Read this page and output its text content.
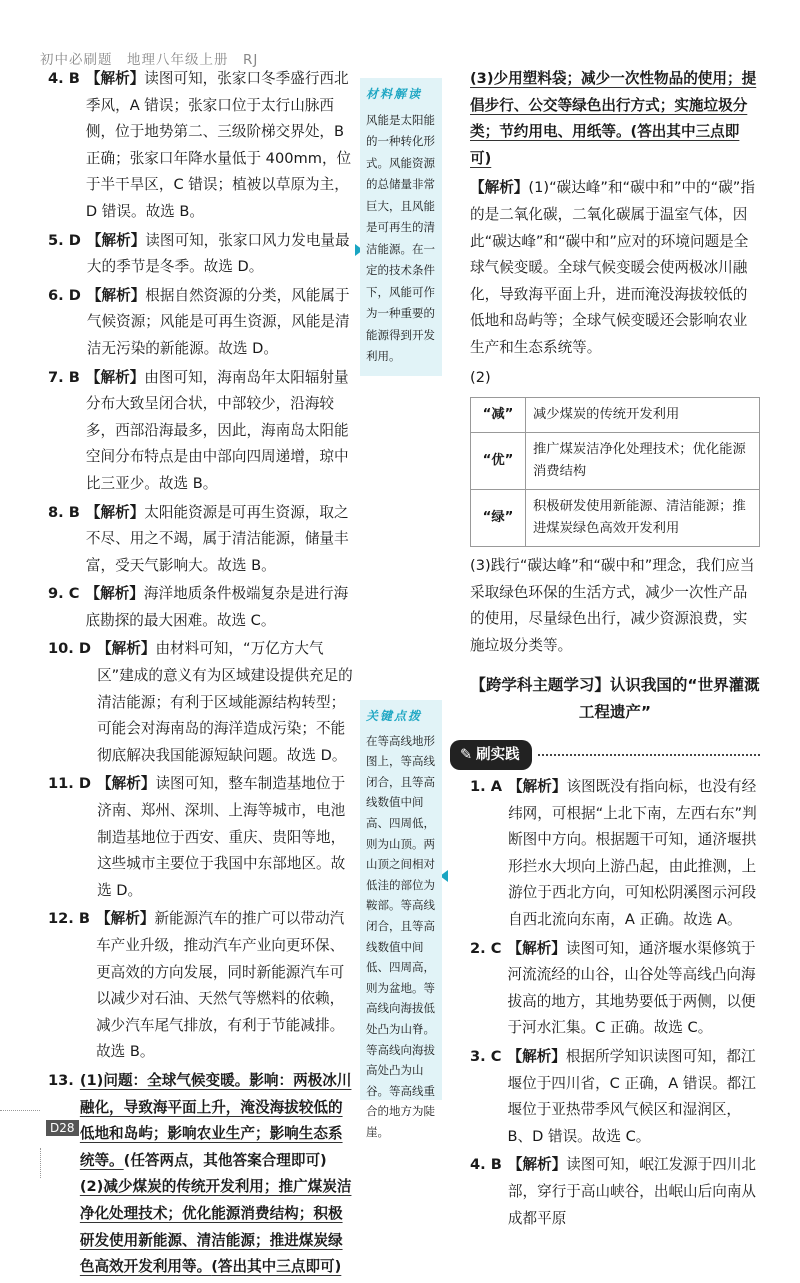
初中必刷题　地理八年级上册　RJ
4. B 【解析】读图可知，张家口冬季盛行西北季风，A 错误；张家口位于太行山脉西侧，位于地势第二、三级阶梯交界处，B 正确；张家口年降水量低于 400mm，位于半干旱区，C 错误；植被以草原为主，D 错误。故选 B。
5. D 【解析】读图可知，张家口风力发电量最大的季节是冬季。故选 D。
6. D 【解析】根据自然资源的分类，风能属于气候资源；风能是可再生资源，风能是清洁无污染的新能源。故选 D。
7. B 【解析】由图可知，海南岛年太阳辐射量分布大致呈闭合状，中部较少，沿海较多，西部沿海最多，因此，海南岛太阳能空间分布特点是由中部向四周递增，琼中比三亚少。故选 B。
8. B 【解析】太阳能资源是可再生资源，取之不尽、用之不竭，属于清洁能源，储量丰富，受天气影响大。故选 B。
9. C 【解析】海洋地质条件极端复杂是进行海底勘探的最大困难。故选 C。
10. D 【解析】由材料可知，“万亿方大气区”建成的意义有为区域建设提供充足的清洁能源；有利于区域能源结构转型；可能会对海南岛的海洋造成污染；不能彻底解决我国能源短缺问题。故选 D。
11. D 【解析】读图可知，整车制造基地位于济南、郑州、深圳、上海等城市，电池制造基地位于西安、重庆、贵阳等地，这些城市主要位于我国中东部地区。故选 D。
12. B 【解析】新能源汽车的推广可以带动汽车产业升级，推动汽车产业向更环保、更高效的方向发展，同时新能源汽车可以减少对石油、天然气等燃料的依赖，减少汽车尾气排放，有利于节能减排。故选 B。
13. (1)问题：全球气候变暖。影响：两极冰川融化，导致海平面上升，淹没海拔较低的低地和岛屿；影响农业生产；影响生态系统等。(任答两点，其他答案合理即可)
(2)减少煤炭的传统开发利用；推广煤炭洁净化处理技术；优化能源消费结构；积极研发使用新能源、清洁能源；推进煤炭绿色高效开发利用等。(答出其中三点即可)
材料解读
风能是太阳能的一种转化形式。风能资源的总储量非常巨大，且风能是可再生的清洁能源。在一定的技术条件下，风能可作为一种重要的能源得到开发利用。
关键点拨
在等高线地形图上，等高线闭合，且等高线数值中间高、四周低，则为山顶。两山顶之间相对低洼的部位为鞍部。等高线闭合，且等高线数值中间低、四周高，则为盆地。等高线向海拔低处凸为山脊。等高线向海拔高处凸为山谷。等高线重合的地方为陡崖。
(3)少用塑料袋；减少一次性物品的使用；提倡步行、公交等绿色出行方式；实施垃圾分类；节约用电、用纸等。(答出其中三点即可)
【解析】(1)“碳达峰”和“碳中和”中的“碳”指的是二氧化碳，二氧化碳属于温室气体，因此“碳达峰”和“碳中和”应对的环境问题是全球气候变暖。全球气候变暖会使两极冰川融化，导致海平面上升，进而淹没海拔较低的低地和岛屿等；全球气候变暖还会影响农业生产和生态系统等。
(2)
“减”	减少煤炭的传统开发利用
“优”	推广煤炭洁净化处理技术；优化能源消费结构
“绿”	积极研发使用新能源、清洁能源；推进煤炭绿色高效开发利用
(3)践行“碳达峰”和“碳中和”理念，我们应当采取绿色环保的生活方式，减少一次性产品的使用，尽量绿色出行，减少资源浪费，实施垃圾分类等。
【跨学科主题学习】认识我国的“世界灌溉
工程遗产”
✎ 刷实践
1. A 【解析】该图既没有指向标，也没有经纬网，可根据“上北下南，左西右东”判断图中方向。根据题干可知，通济堰拱形拦水大坝向上游凸起，由此推测，上游位于西北方向，可知松阴溪图示河段自西北流向东南，A 正确。故选 A。
2. C 【解析】读图可知，通济堰水渠修筑于河流流经的山谷，山谷处等高线凸向海拔高的地方，其地势要低于两侧，以便于河水汇集。C 正确。故选 C。
3. C 【解析】根据所学知识读图可知，都江堰位于四川省，C 正确，A 错误。都江堰位于亚热带季风气候区和湿润区，B、D 错误。故选 C。
4. B 【解析】读图可知，岷江发源于四川北部，穿行于高山峡谷，出岷山后向南从成都平原
D28
